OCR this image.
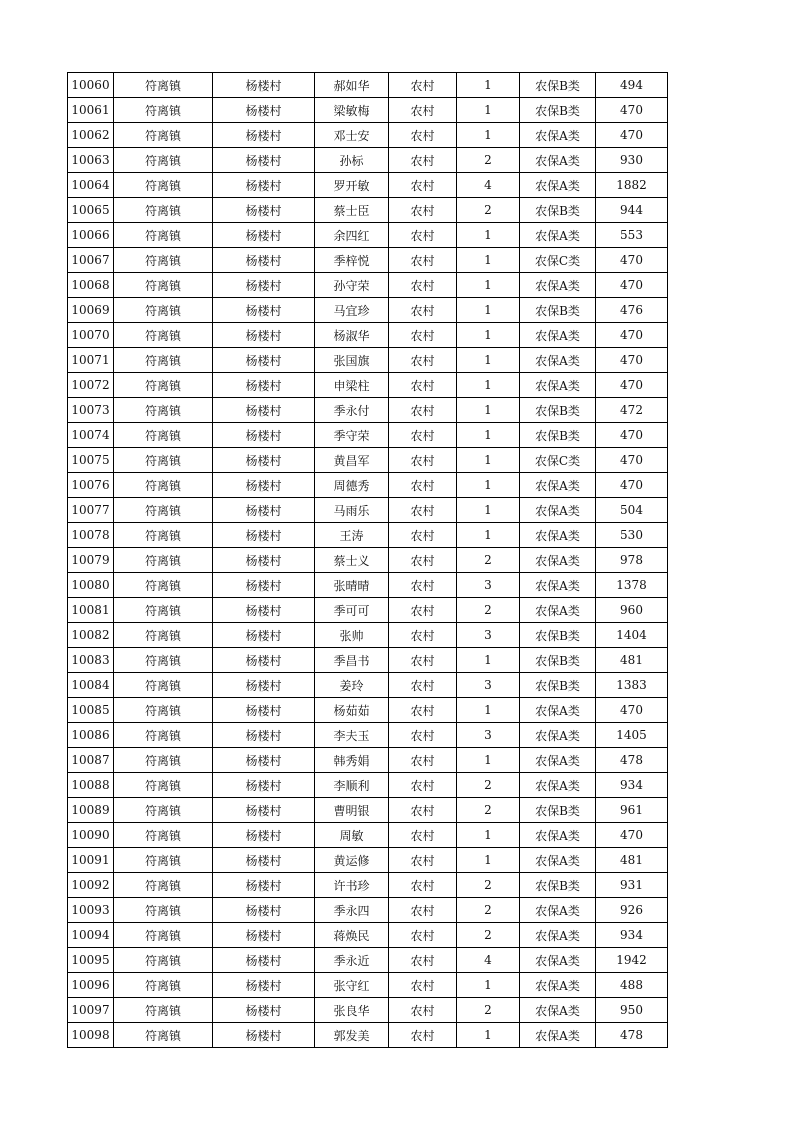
10060	符离镇	杨楼村	郝如华	农村	1	农保B类	494
10061	符离镇	杨楼村	梁敏梅	农村	1	农保B类	470
10062	符离镇	杨楼村	邓士安	农村	1	农保A类	470
10063	符离镇	杨楼村	孙标	农村	2	农保A类	930
10064	符离镇	杨楼村	罗开敏	农村	4	农保A类	1882
10065	符离镇	杨楼村	蔡士臣	农村	2	农保B类	944
10066	符离镇	杨楼村	余四红	农村	1	农保A类	553
10067	符离镇	杨楼村	季梓悦	农村	1	农保C类	470
10068	符离镇	杨楼村	孙守荣	农村	1	农保A类	470
10069	符离镇	杨楼村	马宜珍	农村	1	农保B类	476
10070	符离镇	杨楼村	杨淑华	农村	1	农保A类	470
10071	符离镇	杨楼村	张国旗	农村	1	农保A类	470
10072	符离镇	杨楼村	申梁柱	农村	1	农保A类	470
10073	符离镇	杨楼村	季永付	农村	1	农保B类	472
10074	符离镇	杨楼村	季守荣	农村	1	农保B类	470
10075	符离镇	杨楼村	黄昌军	农村	1	农保C类	470
10076	符离镇	杨楼村	周德秀	农村	1	农保A类	470
10077	符离镇	杨楼村	马雨乐	农村	1	农保A类	504
10078	符离镇	杨楼村	王涛	农村	1	农保A类	530
10079	符离镇	杨楼村	蔡士义	农村	2	农保A类	978
10080	符离镇	杨楼村	张晴晴	农村	3	农保A类	1378
10081	符离镇	杨楼村	季可可	农村	2	农保A类	960
10082	符离镇	杨楼村	张帅	农村	3	农保B类	1404
10083	符离镇	杨楼村	季昌书	农村	1	农保B类	481
10084	符离镇	杨楼村	姜玲	农村	3	农保B类	1383
10085	符离镇	杨楼村	杨茹茹	农村	1	农保A类	470
10086	符离镇	杨楼村	李夫玉	农村	3	农保A类	1405
10087	符离镇	杨楼村	韩秀娟	农村	1	农保A类	478
10088	符离镇	杨楼村	李顺利	农村	2	农保A类	934
10089	符离镇	杨楼村	曹明银	农村	2	农保B类	961
10090	符离镇	杨楼村	周敏	农村	1	农保A类	470
10091	符离镇	杨楼村	黄运修	农村	1	农保A类	481
10092	符离镇	杨楼村	许书珍	农村	2	农保B类	931
10093	符离镇	杨楼村	季永四	农村	2	农保A类	926
10094	符离镇	杨楼村	蒋焕民	农村	2	农保A类	934
10095	符离镇	杨楼村	季永近	农村	4	农保A类	1942
10096	符离镇	杨楼村	张守红	农村	1	农保A类	488
10097	符离镇	杨楼村	张良华	农村	2	农保A类	950
10098	符离镇	杨楼村	郭发美	农村	1	农保A类	478
